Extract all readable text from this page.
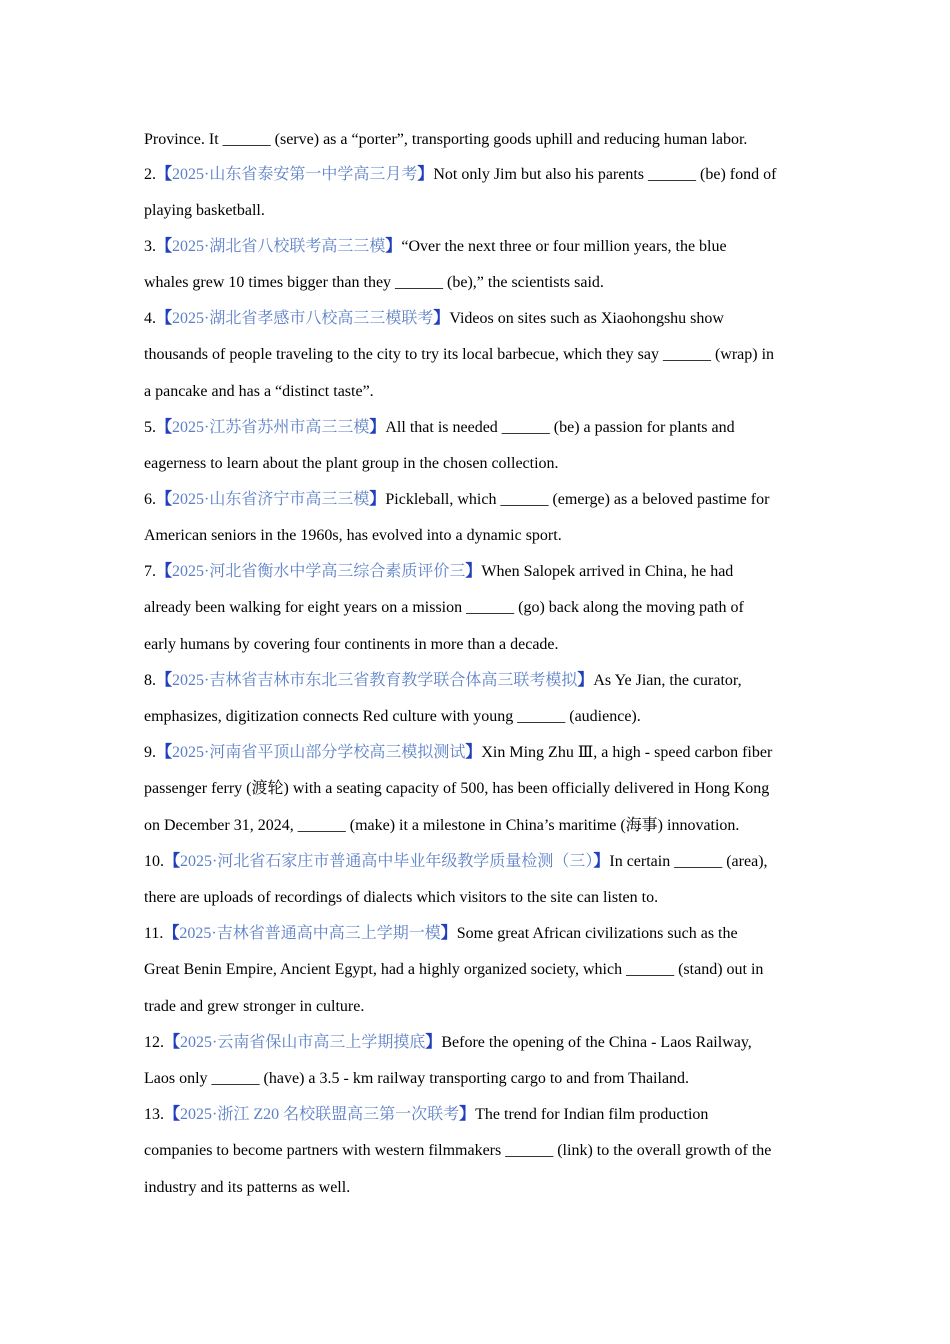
Province. It ______ (serve) as a “porter”, transporting goods uphill and reducing human labor.
2.【2025·山东省泰安第一中学高三月考】Not only Jim but also his parents ______ (be) fond of
playing basketball.
3.【2025·湖北省八校联考高三三模】“Over the next three or four million years, the blue
whales grew 10 times bigger than they ______ (be),” the scientists said.
4.【2025·湖北省孝感市八校高三三模联考】Videos on sites such as Xiaohongshu show
thousands of people traveling to the city to try its local barbecue, which they say ______ (wrap) in
a pancake and has a “distinct taste”.
5.【2025·江苏省苏州市高三三模】All that is needed ______ (be) a passion for plants and
eagerness to learn about the plant group in the chosen collection.
6.【2025·山东省济宁市高三三模】Pickleball, which ______ (emerge) as a beloved pastime for
American seniors in the 1960s, has evolved into a dynamic sport.
7.【2025·河北省衡水中学高三综合素质评价三】When Salopek arrived in China, he had
already been walking for eight years on a mission ______ (go) back along the moving path of
early humans by covering four continents in more than a decade.
8.【2025·吉林省吉林市东北三省教育教学联合体高三联考模拟】As Ye Jian, the curator,
emphasizes, digitization connects Red culture with young ______ (audience).
9.【2025·河南省平顶山部分学校高三模拟测试】Xin Ming Zhu Ⅲ, a high - speed carbon fiber
passenger ferry (渡轮) with a seating capacity of 500, has been officially delivered in Hong Kong
on December 31, 2024, ______ (make) it a milestone in China’s maritime (海事) innovation.
10.【2025·河北省石家庄市普通高中毕业年级教学质量检测（三）】In certain ______ (area),
there are uploads of recordings of dialects which visitors to the site can listen to.
11.【2025·吉林省普通高中高三上学期一模】Some great African civilizations such as the
Great Benin Empire, Ancient Egypt, had a highly organized society, which ______ (stand) out in
trade and grew stronger in culture.
12.【2025·云南省保山市高三上学期摸底】Before the opening of the China - Laos Railway,
Laos only ______ (have) a 3.5 - km railway transporting cargo to and from Thailand.
13.【2025·浙江 Z20 名校联盟高三第一次联考】The trend for Indian film production
companies to become partners with western filmmakers ______ (link) to the overall growth of the
industry and its patterns as well.
